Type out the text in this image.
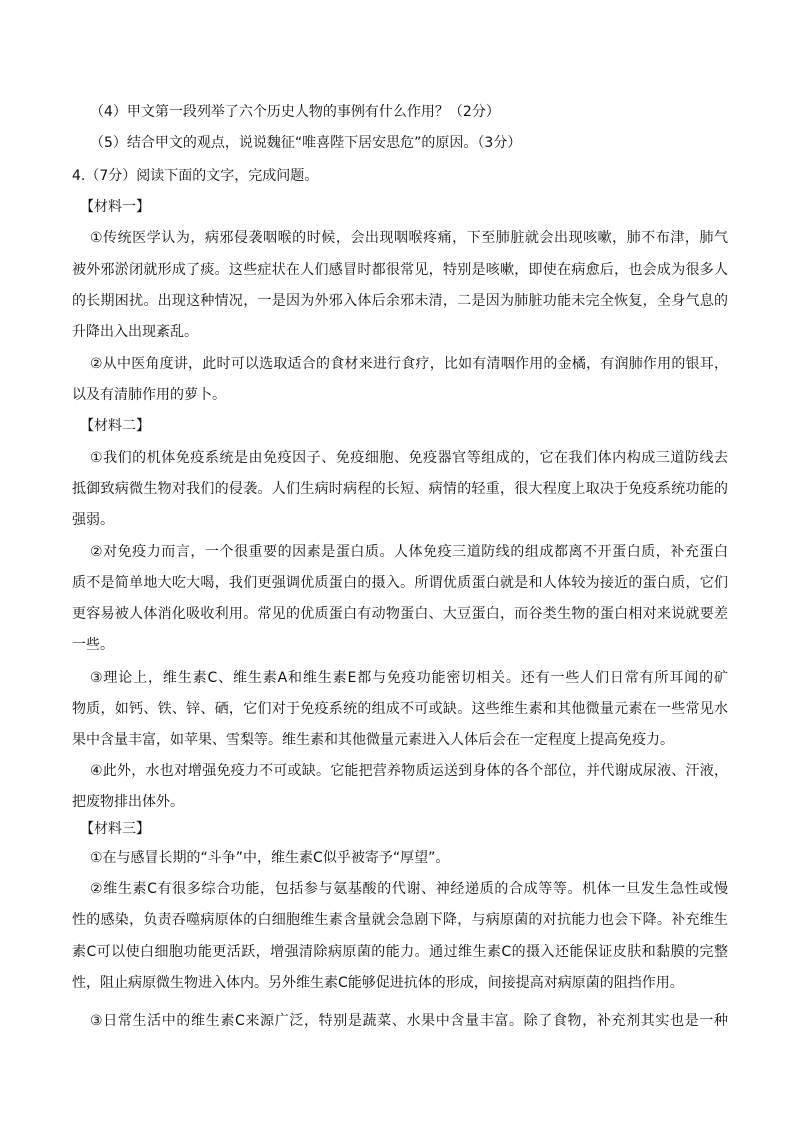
（4）甲文第一段列举了六个历史人物的事例有什么作用？（2分）
（5）结合甲文的观点，说说魏征“唯喜陛下居安思危”的原因。（3分）
4.（7分）阅读下面的文字，完成问题。
【材料一】
①传统医学认为，病邪侵袭咽喉的时候，会出现咽喉疼痛，下至肺脏就会出现咳嗽，肺不布津，肺气
被外邪淤闭就形成了痰。这些症状在人们感冒时都很常见，特别是咳嗽，即使在病愈后，也会成为很多人
的长期困扰。出现这种情况，一是因为外邪入体后余邪未清，二是因为肺脏功能未完全恢复，全身气息的
升降出入出现紊乱。
②从中医角度讲，此时可以选取适合的食材来进行食疗，比如有清咽作用的金橘，有润肺作用的银耳，
以及有清肺作用的萝卜。
【材料二】
①我们的机体免疫系统是由免疫因子、免疫细胞、免疫器官等组成的，它在我们体内构成三道防线去
抵御致病微生物对我们的侵袭。人们生病时病程的长短、病情的轻重，很大程度上取决于免疫系统功能的
强弱。
②对免疫力而言，一个很重要的因素是蛋白质。人体免疫三道防线的组成都离不开蛋白质，补充蛋白
质不是简单地大吃大喝，我们更强调优质蛋白的摄入。所谓优质蛋白就是和人体较为接近的蛋白质，它们
更容易被人体消化吸收利用。常见的优质蛋白有动物蛋白、大豆蛋白，而谷类生物的蛋白相对来说就要差
一些。
③理论上，维生素C、维生素A和维生素E都与免疫功能密切相关。还有一些人们日常有所耳闻的矿
物质，如钙、铁、锌、硒，它们对于免疫系统的组成不可或缺。这些维生素和其他微量元素在一些常见水
果中含量丰富，如苹果、雪梨等。维生素和其他微量元素进入人体后会在一定程度上提高免疫力。
④此外，水也对增强免疫力不可或缺。它能把营养物质运送到身体的各个部位，并代谢成尿液、汗液，
把废物排出体外。
【材料三】
①在与感冒长期的“斗争”中，维生素C似乎被寄予“厚望”。
②维生素C有很多综合功能，包括参与氨基酸的代谢、神经递质的合成等等。机体一旦发生急性或慢
性的感染，负责吞噬病原体的白细胞维生素含量就会急剧下降，与病原菌的对抗能力也会下降。补充维生
素C可以使白细胞功能更活跃，增强清除病原菌的能力。通过维生素C的摄入还能保证皮肤和黏膜的完整
性，阻止病原微生物进入体内。另外维生素C能够促进抗体的形成，间接提高对病原菌的阻挡作用。
③日常生活中的维生素C来源广泛，特别是蔬菜、水果中含量丰富。除了食物，补充剂其实也是一种
